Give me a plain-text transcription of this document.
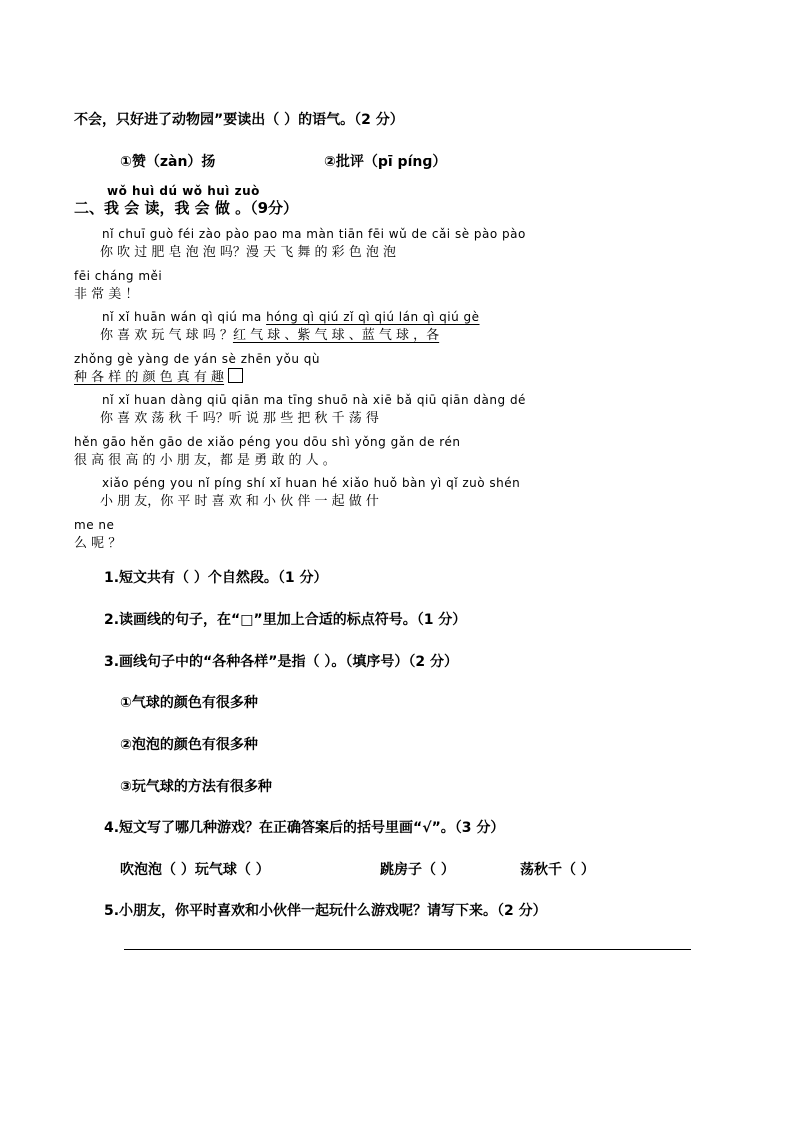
不会，只好进了动物园”要读出（ ）的语气。（2 分）
①赞（zàn）扬	②批评（pī pínɡ）
wǒ huì dú wǒ huì zuò
二、我 会 读，我 会 做 。（9分）
nǐ chuī guò féi zào pào pao ma màn tiān fēi wǔ de cǎi sè pào pào
你 吹 过 肥 皂 泡 泡 吗？漫 天 飞 舞 的 彩 色 泡 泡
fēi cháng měi
非 常 美 ！
nǐ xǐ huān wán qì qiú ma hóng qì qiú zǐ qì qiú lán qì qiú gè
你 喜 欢 玩 气 球 吗 ？红 气 球 、紫 气 球 、蓝 气 球 ，各
zhǒng gè yàng de yán sè zhēn yǒu qù
种 各 样 的 颜 色 真 有 趣
nǐ xǐ huan dàng qiū qiān ma tīng shuō nà xiē bǎ qiū qiān dàng dé
你 喜 欢 荡 秋 千 吗？听 说 那 些 把 秋 千 荡 得
hěn gāo hěn gāo de xiǎo péng you dōu shì yǒng gǎn de rén
很 高 很 高 的 小 朋 友，都 是 勇 敢 的 人 。
xiǎo péng you nǐ píng shí xǐ huan hé xiǎo huǒ bàn yì qǐ zuò shén
小 朋 友，你 平 时 喜 欢 和 小 伙 伴 一 起 做 什
me ne
么 呢 ？
1.短文共有（ ）个自然段。（1 分）
2.读画线的句子，在“□”里加上合适的标点符号。（1 分）
3.画线句子中的“各种各样”是指（ ）。（填序号）（2 分）
①气球的颜色有很多种
②泡泡的颜色有很多种
③玩气球的方法有很多种
4.短文写了哪几种游戏？在正确答案后的括号里画“√”。（3 分）
吹泡泡（ ）玩气球（ ）	跳房子（ ）	荡秋千（ ）
5.小朋友，你平时喜欢和小伙伴一起玩什么游戏呢？请写下来。（2 分）
